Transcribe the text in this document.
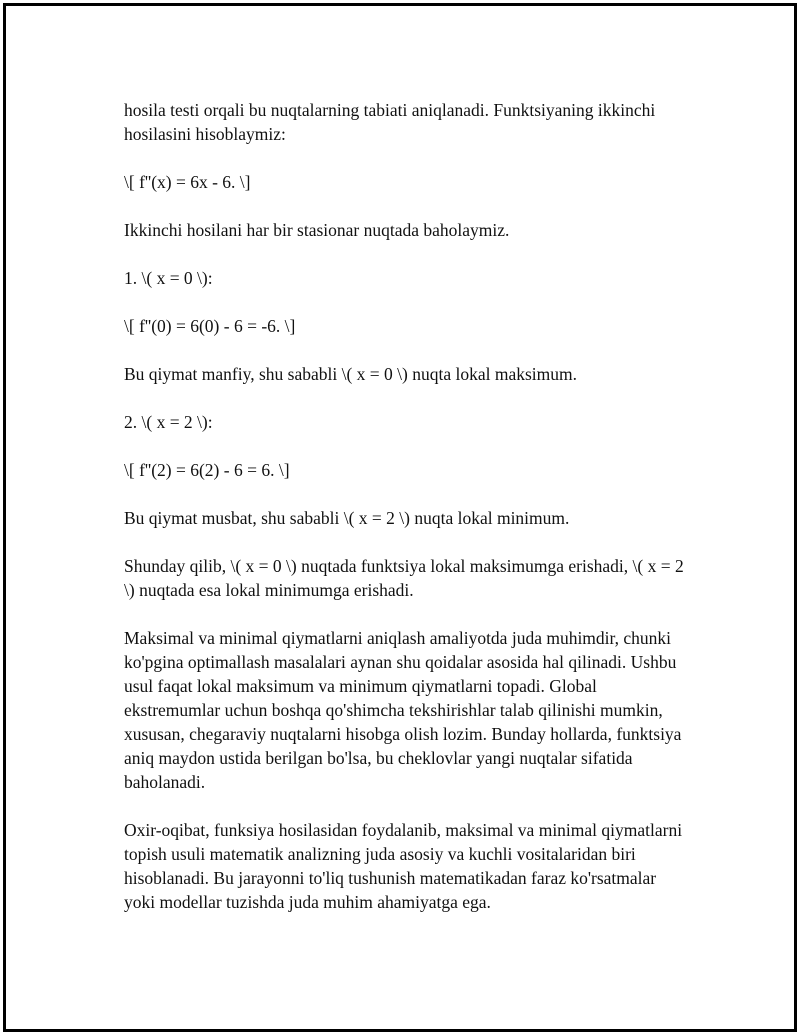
hosila testi orqali bu nuqtalarning tabiati aniqlanadi. Funktsiyaning ikkinchi hosilasini hisoblaymiz:

\[ f''(x) = 6x - 6. \]

Ikkinchi hosilani har bir stasionar nuqtada baholaymiz.

1. \( x = 0 \):

\[ f''(0) = 6(0) - 6 = -6. \]

Bu qiymat manfiy, shu sababli \( x = 0 \) nuqta lokal maksimum.

2. \( x = 2 \):

\[ f''(2) = 6(2) - 6 = 6. \]

Bu qiymat musbat, shu sababli \( x = 2 \) nuqta lokal minimum.

Shunday qilib, \( x = 0 \) nuqtada funktsiya lokal maksimumga erishadi, \( x = 2 \) nuqtada esa lokal minimumga erishadi.

Maksimal va minimal qiymatlarni aniqlash amaliyotda juda muhimdir, chunki ko'pgina optimallash masalalari aynan shu qoidalar asosida hal qilinadi. Ushbu usul faqat lokal maksimum va minimum qiymatlarni topadi. Global ekstremumlar uchun boshqa qo'shimcha tekshirishlar talab qilinishi mumkin, xususan, chegaraviy nuqtalarni hisobga olish lozim. Bunday hollarda, funktsiya aniq maydon ustida berilgan bo'lsa, bu cheklovlar yangi nuqtalar sifatida baholanadi.

Oxir-oqibat, funksiya hosilasidan foydalanib, maksimal va minimal qiymatlarni topish usuli matematik analizning juda asosiy va kuchli vositalaridan biri hisoblanadi. Bu jarayonni to'liq tushunish matematikadan faraz ko'rsatmalar yoki modellar tuzishda juda muhim ahamiyatga ega.
